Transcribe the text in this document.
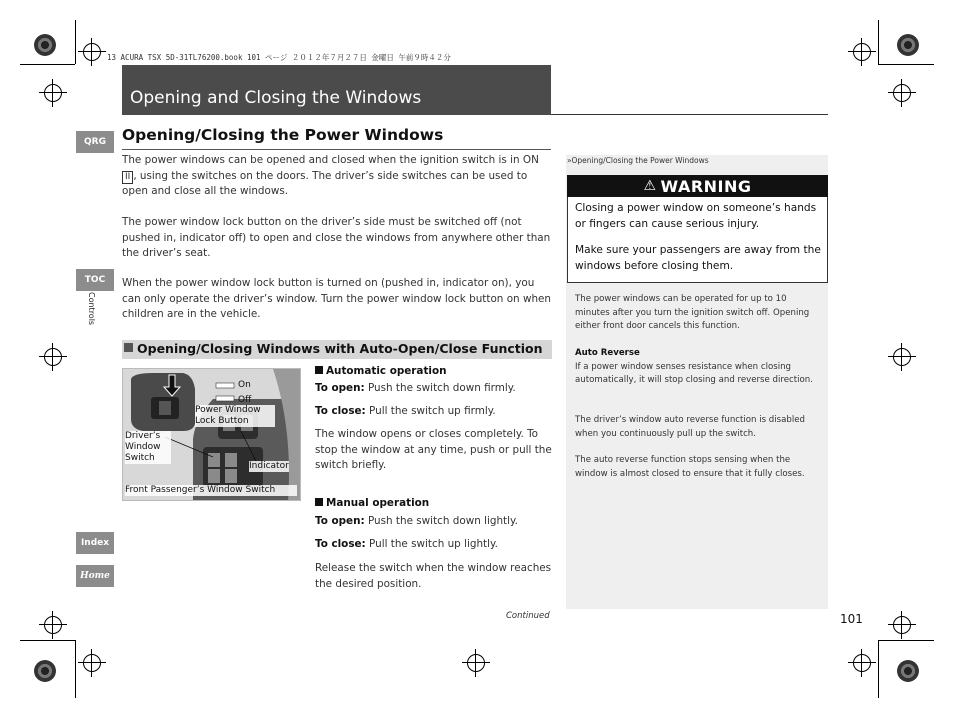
13 ACURA TSX 5D-31TL76200.book 101 ページ ２０１２年７月２７日 金曜日 午前９時４２分
Opening and Closing the Windows
QRG
TOC
Controls
Index
Home
Opening/Closing the Power Windows
The power windows can be opened and closed when the ignition switch is in ON II , using the switches on the doors. The driver’s side switches can be used to open and close all the windows.
The power window lock button on the driver’s side must be switched off (not pushed in, indicator off) to open and close the windows from anywhere other than the driver’s seat.
When the power window lock button is turned on (pushed in, indicator on), you can only operate the driver’s window. Turn the power window lock button on when children are in the vehicle.
Opening/Closing Windows with Auto-Open/Close Function
On
Off
Power Window Lock Button
Driver’s Window Switch
Indicator
Front Passenger’s Window Switch
Automatic operation
To open: Push the switch down firmly.
To close: Pull the switch up firmly.
The window opens or closes completely. To stop the window at any time, push or pull the switch briefly.
Manual operation
To open: Push the switch down lightly.
To close: Pull the switch up lightly.
Release the switch when the window reaches the desired position.
»Opening/Closing the Power Windows
⚠ WARNING
Closing a power window on someone’s hands or fingers can cause serious injury.
Make sure your passengers are away from the windows before closing them.
The power windows can be operated for up to 10 minutes after you turn the ignition switch off. Opening either front door cancels this function.
Auto Reverse
If a power window senses resistance when closing automatically, it will stop closing and reverse direction.
The driver’s window auto reverse function is disabled when you continuously pull up the switch.
The auto reverse function stops sensing when the window is almost closed to ensure that it fully closes.
Continued	101
